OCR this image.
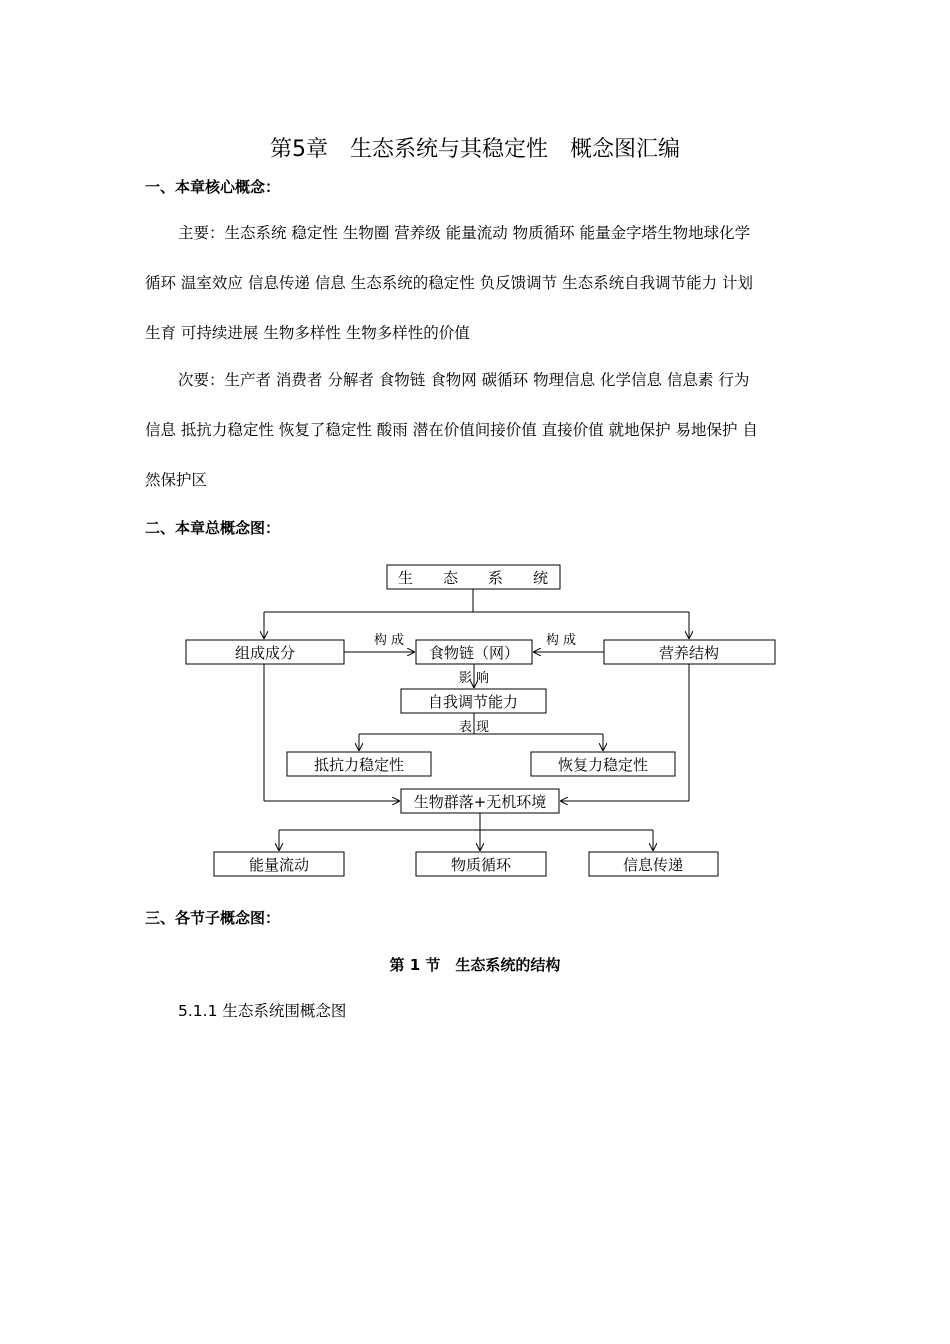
第5章　生态系统与其稳定性　概念图汇编
一、本章核心概念：
主要：生态系统 稳定性 生物圈 营养级 能量流动 物质循环 能量金字塔生物地球化学
循环 温室效应 信息传递 信息 生态系统的稳定性 负反馈调节 生态系统自我调节能力 计划
生育 可持续进展 生物多样性 生物多样性的价值
次要：生产者 消费者 分解者 食物链 食物网 碳循环 物理信息 化学信息 信息素 行为
信息 抵抗力稳定性 恢复了稳定性 酸雨 潜在价值间接价值 直接价值 就地保护 易地保护 自
然保护区
二、本章总概念图：
生　　态　　系　　统
组成成分	食物链（网）	营养结构
自我调节能力
抵抗力稳定性	恢复力稳定性
生物群落+无机环境
能量流动	物质循环	信息传递
构 成	构 成
影 响
表 现
三、各节子概念图：
第 1 节　生态系统的结构
5.1.1 生态系统围概念图
